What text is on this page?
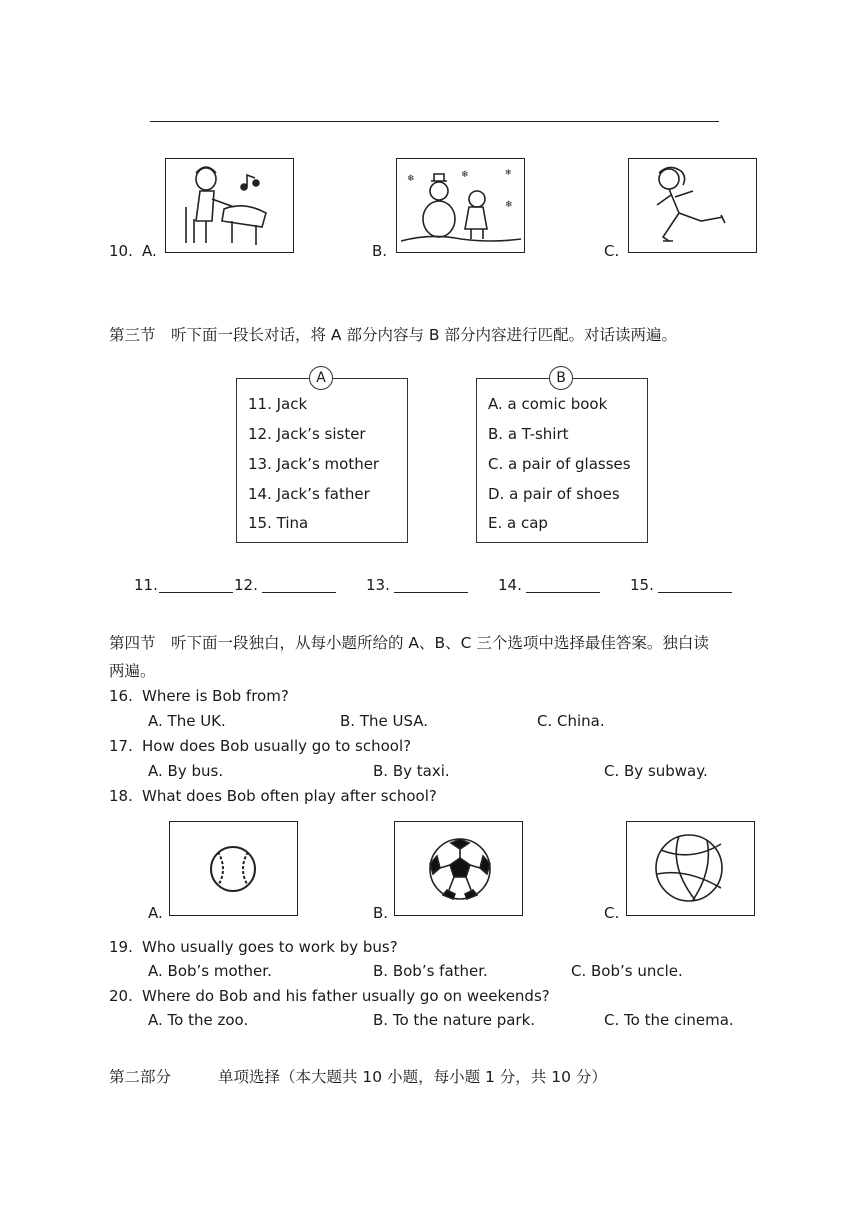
10. A.	B.
❄	❄
❄
❄
C.
第三节　听下面一段长对话，将 A 部分内容与 B 部分内容进行匹配。对话读两遍。
11. Jack
12. Jack’s sister
13. Jack’s mother
14. Jack’s father
15. Tina
A
A. a comic book
B. a T-shirt
C. a pair of glasses
D. a pair of shoes
E. a cap
B
11.	12.	13.	14.	15.
第四节　听下面一段独白，从每小题所给的 A、B、C 三个选项中选择最佳答案。独白读
两遍。
16. Where is Bob from?
A. The UK.	B. The USA.	C. China.
17. How does Bob usually go to school?
A. By bus.	B. By taxi.	C. By subway.
18. What does Bob often play after school?
A.	B.	C.
19. Who usually goes to work by bus?
A. Bob’s mother.	B. Bob’s father.	C. Bob’s uncle.
20. Where do Bob and his father usually go on weekends?
A. To the zoo.	B. To the nature park.	C. To the cinema.
第二部分	单项选择（本大题共 10 小题，每小题 1 分，共 10 分）
